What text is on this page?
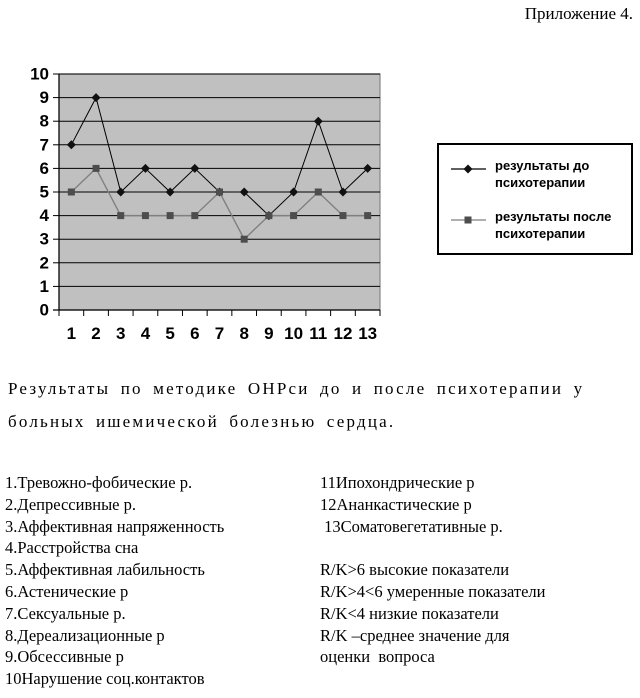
Приложение 4.
0
1
2
3
4
5
6
7
8
9
10
1 2 3 4 5 6 7 8 9 10 11 12 13
результаты до психотерапии
результаты после психотерапии
Результаты по методике ОНРси до и после психотерапии у
больных ишемической болезнью сердца.
1.Тревожно-фобические р.	11Ипохондрические р
2.Депрессивные р.	12Ананкастические р
3.Аффективная напряженность	13Соматовегетативные р.
4.Расстройства сна
5.Аффективная лабильность	R/K>6 высокие показатели
6.Астенические р	R/K>4<6 умеренные показатели
7.Сексуальные р.	R/K<4 низкие показатели
8.Дереализационные р	R/K –среднее значение для
9.Обсессивные р	оценки  вопроса
10Нарушение соц.контактов
